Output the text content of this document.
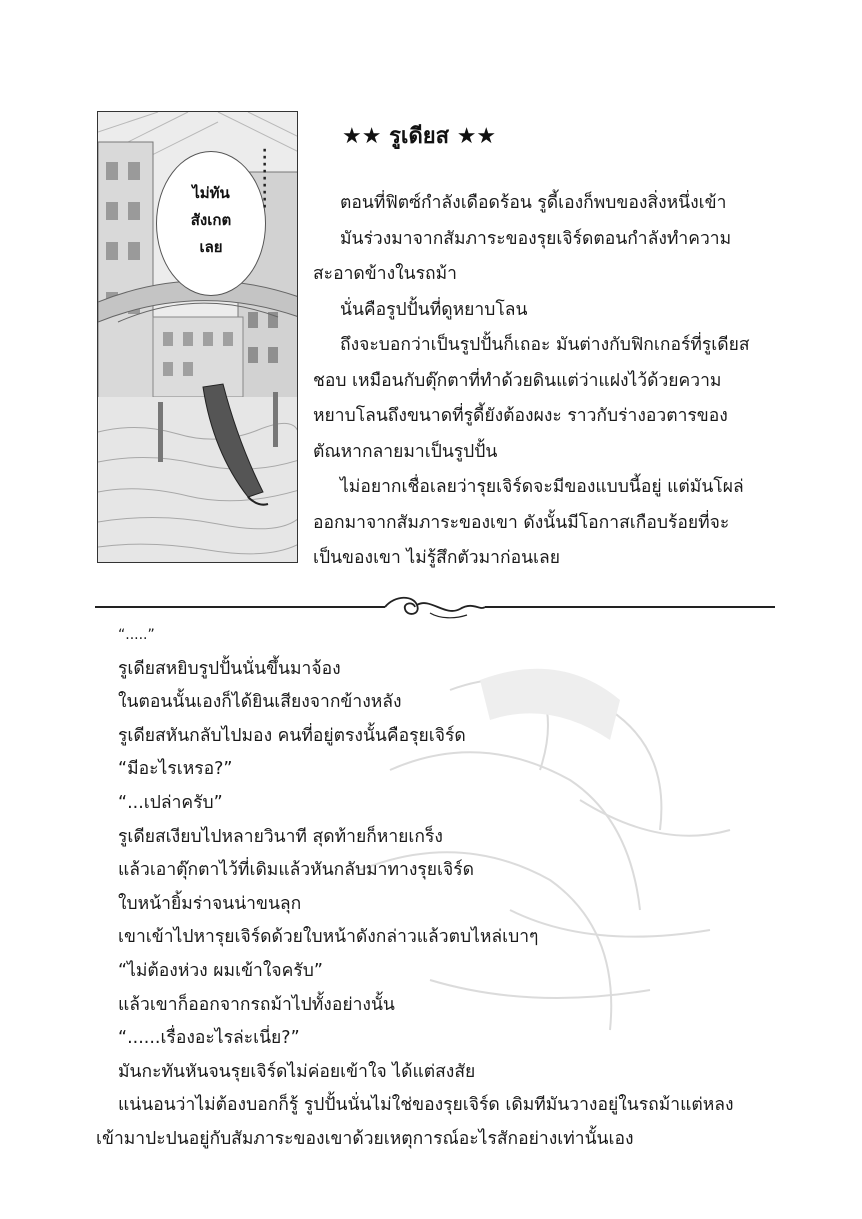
ไม่ทัน
สังเกต
เลย
·
·
·
·
·
·
·
·
·
★★ รูเดียส ★★

ตอนที่ฟิตซ์กำลังเดือดร้อน รูดี้เองก็พบของสิ่งหนึ่งเข้า

มันร่วงมาจากสัมภาระของรุยเจิร์ดตอนกำลังทำความ

สะอาดข้างในรถม้า

นั่นคือรูปปั้นที่ดูหยาบโลน

ถึงจะบอกว่าเป็นรูปปั้นก็เถอะ มันต่างกับฟิกเกอร์ที่รูเดียส

ชอบ เหมือนกับตุ๊กตาที่ทำด้วยดินแต่ว่าแฝงไว้ด้วยความ

หยาบโลนถึงขนาดที่รูดี้ยังต้องผงะ ราวกับร่างอวตารของ

ตัณหากลายมาเป็นรูปปั้น

ไม่อยากเชื่อเลยว่ารุยเจิร์ดจะมีของแบบนี้อยู่ แต่มันโผล่

ออกมาจากสัมภาระของเขา ดังนั้นมีโอกาสเกือบร้อยที่จะ

เป็นของเขา ไม่รู้สึกตัวมาก่อนเลย

“.....”

รูเดียสหยิบรูปปั้นนั่นขึ้นมาจ้อง

ในตอนนั้นเองก็ได้ยินเสียงจากข้างหลัง

รูเดียสหันกลับไปมอง คนที่อยู่ตรงนั้นคือรุยเจิร์ด

“มีอะไรเหรอ?”

“...เปล่าครับ”

รูเดียสเงียบไปหลายวินาที สุดท้ายก็หายเกร็ง

แล้วเอาตุ๊กตาไว้ที่เดิมแล้วหันกลับมาทางรุยเจิร์ด

ใบหน้ายิ้มร่าจนน่าขนลุก

เขาเข้าไปหารุยเจิร์ดด้วยใบหน้าดังกล่าวแล้วตบไหล่เบาๆ

“ไม่ต้องห่วง ผมเข้าใจครับ”

แล้วเขาก็ออกจากรถม้าไปทั้งอย่างนั้น

“......เรื่องอะไรล่ะเนี่ย?”

มันกะทันหันจนรุยเจิร์ดไม่ค่อยเข้าใจ ได้แต่สงสัย

แน่นอนว่าไม่ต้องบอกก็รู้ รูปปั้นนั่นไม่ใช่ของรุยเจิร์ด เดิมทีมันวางอยู่ในรถม้าแต่หลง

เข้ามาปะปนอยู่กับสัมภาระของเขาด้วยเหตุการณ์อะไรสักอย่างเท่านั้นเอง
